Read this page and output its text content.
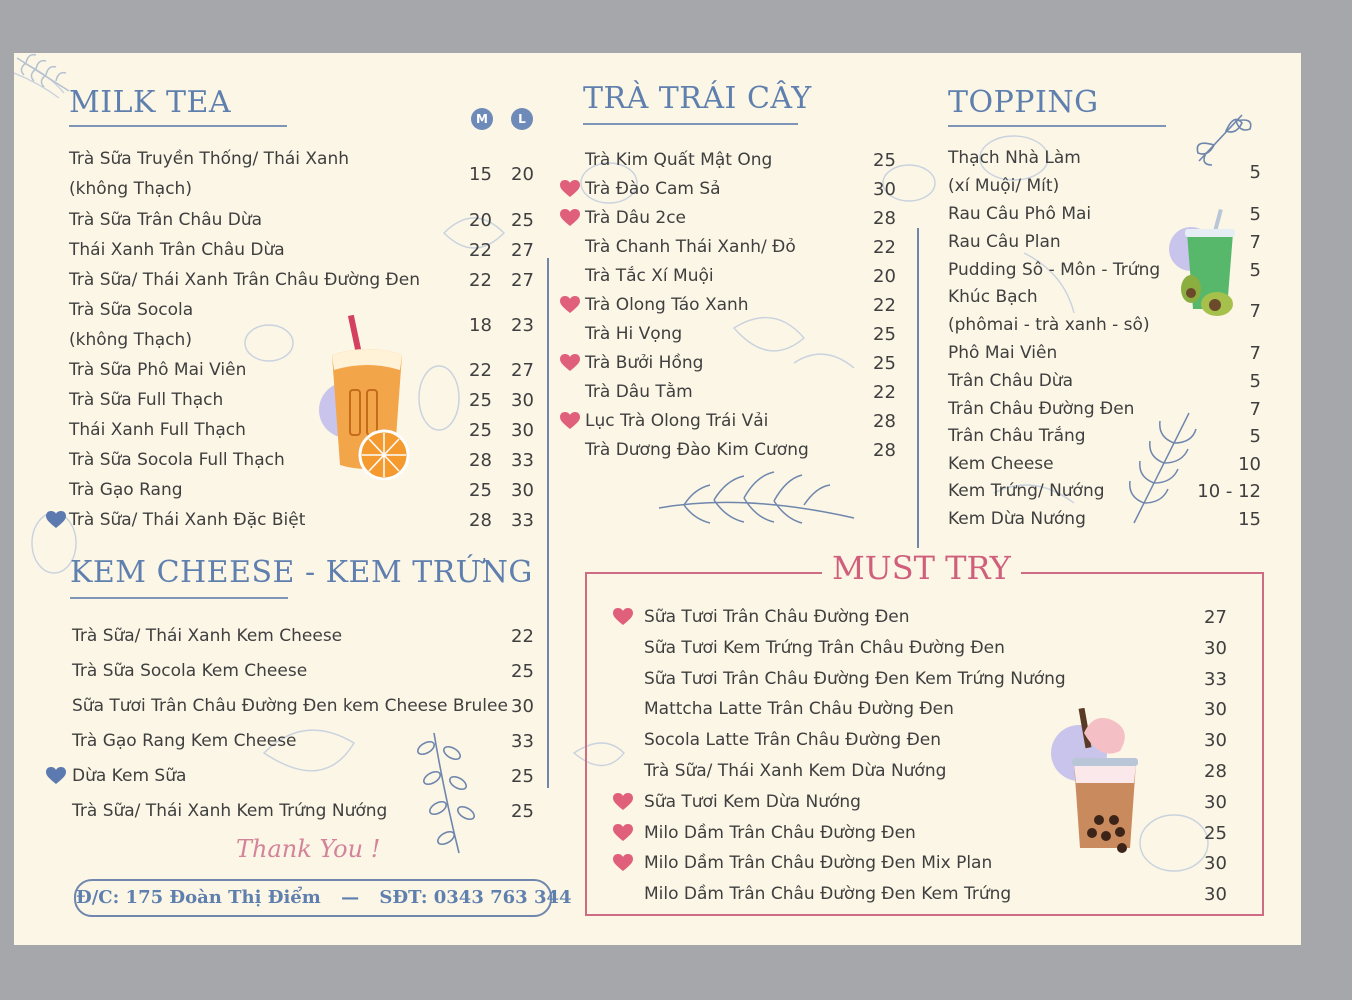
MILK TEA	M	L
Trà Sữa Truyền Thống/ Thái Xanh
(không Thạch)
15 20
Trà Sữa Trân Châu Dừa	20 25
Thái Xanh Trân Châu Dừa	22 27
Trà Sữa/ Thái Xanh Trân Châu Đường Đen	22 27
Trà Sữa Socola
(không Thạch)
18 23
Trà Sữa Phô Mai Viên	22 27
Trà Sữa Full Thạch	25 30
Thái Xanh Full Thạch	25 30
Trà Sữa Socola Full Thạch	28 33
Trà Gạo Rang	25 30
Trà Sữa/ Thái Xanh Đặc Biệt	28 33
KEM CHEESE - KEM TRỨNG
Trà Sữa/ Thái Xanh Kem Cheese	22
Trà Sữa Socola Kem Cheese	25
Sữa Tươi Trân Châu Đường Đen kem Cheese Brulee 30
Trà Gạo Rang Kem Cheese	33
Dừa Kem Sữa	25
Trà Sữa/ Thái Xanh Kem Trứng Nướng	25
Thank You !
Đ/C: 175 Đoàn Thị Điểm — SĐT: 0343 763 344
TRÀ TRÁI CÂY
Trà Kim Quất Mật Ong	25
Trà Đào Cam Sả	30
Trà Dâu 2ce	28
Trà Chanh Thái Xanh/ Đỏ	22
Trà Tắc Xí Muội	20
Trà Olong Táo Xanh	22
Trà Hi Vọng	25
Trà Bưởi Hồng	25
Trà Dâu Tằm	22
Lục Trà Olong Trái Vải	28
Trà Dương Đào Kim Cương	28
TOPPING
Thạch Nhà Làm
(xí Muội/ Mít)
5
Rau Câu Phô Mai	5
Rau Câu Plan	7
Pudding Sô - Môn - Trứng	5
Khúc Bạch
(phômai - trà xanh - sô)
7
Phô Mai Viên	7
Trân Châu Dừa	5
Trân Châu Đường Đen	7
Trân Châu Trắng	5
Kem Cheese	10
Kem Trứng/ Nướng	10 - 12
Kem Dừa Nướng	15
MUST TRY
Sữa Tươi Trân Châu Đường Đen	27
Sữa Tươi Kem Trứng Trân Châu Đường Đen	30
Sữa Tươi Trân Châu Đường Đen Kem Trứng Nướng	33
Mattcha Latte Trân Châu Đường Đen	30
Socola Latte Trân Châu Đường Đen	30
Trà Sữa/ Thái Xanh Kem Dừa Nướng	28
Sữa Tươi Kem Dừa Nướng	30
Milo Dầm Trân Châu Đường Đen	25
Milo Dầm Trân Châu Đường Đen Mix Plan	30
Milo Dầm Trân Châu Đường Đen Kem Trứng	30
